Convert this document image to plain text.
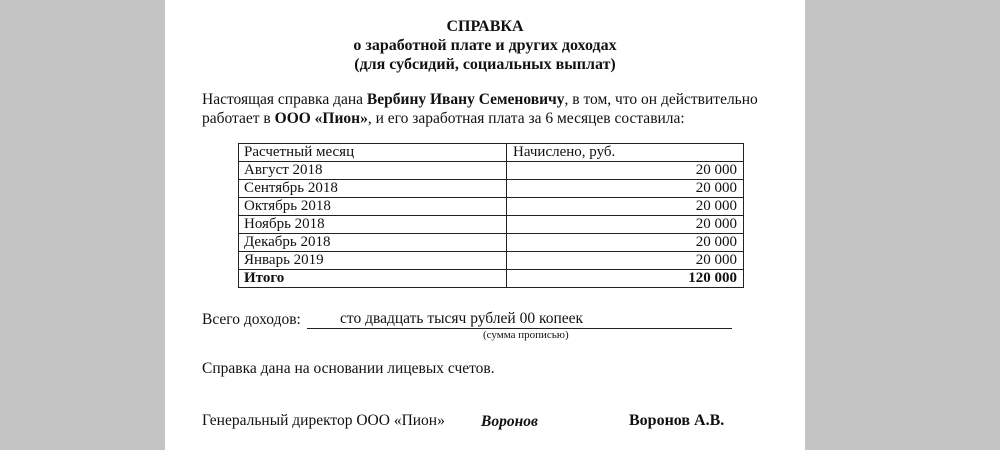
СПРАВКА
о заработной плате и других доходах
(для субсидий, социальных выплат)
Настоящая справка дана Вербину Ивану Семеновичу, в том, что он действительно
работает в ООО «Пион», и его заработная плата за 6 месяцев составила:
Расчетный месяц	Начислено, руб.
Август 2018	20 000
Сентябрь 2018	20 000
Октябрь 2018	20 000
Ноябрь 2018	20 000
Декабрь 2018	20 000
Январь 2019	20 000
Итого	120 000
Всего доходов:	сто двадцать тысяч рублей 00 копеек
(сумма прописью)
Справка дана на основании лицевых счетов.
Генеральный директор ООО «Пион» Воронов	Воронов А.В.
